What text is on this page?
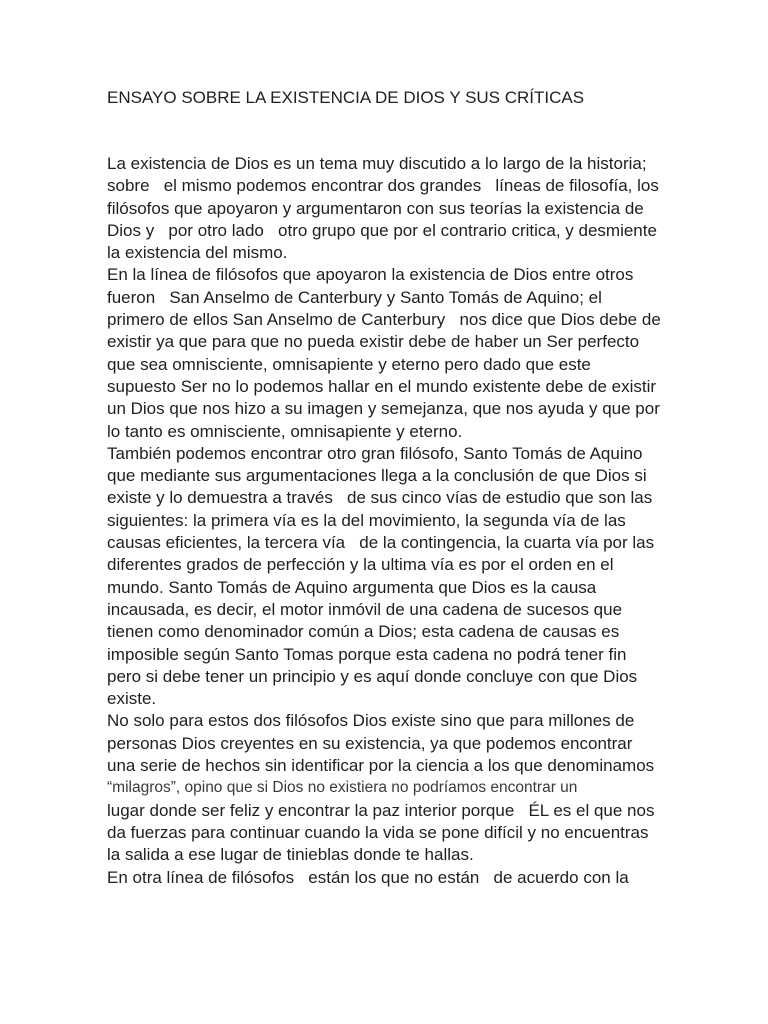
ENSAYO SOBRE LA EXISTENCIA DE DIOS Y SUS CRÍTICAS
La existencia de Dios es un tema muy discutido a lo largo de la historia;
sobre   el mismo podemos encontrar dos grandes   líneas de filosofía, los
filósofos que apoyaron y argumentaron con sus teorías la existencia de
Dios y   por otro lado   otro grupo que por el contrario critica, y desmiente
la existencia del mismo.
En la línea de filósofos que apoyaron la existencia de Dios entre otros
fueron   San Anselmo de Canterbury y Santo Tomás de Aquino; el
primero de ellos San Anselmo de Canterbury   nos dice que Dios debe de
existir ya que para que no pueda existir debe de haber un Ser perfecto
que sea omnisciente, omnisapiente y eterno pero dado que este
supuesto Ser no lo podemos hallar en el mundo existente debe de existir
un Dios que nos hizo a su imagen y semejanza, que nos ayuda y que por
lo tanto es omnisciente, omnisapiente y eterno.
También podemos encontrar otro gran filósofo, Santo Tomás de Aquino
que mediante sus argumentaciones llega a la conclusión de que Dios si
existe y lo demuestra a través   de sus cinco vías de estudio que son las
siguientes: la primera vía es la del movimiento, la segunda vía de las
causas eficientes, la tercera vía   de la contingencia, la cuarta vía por las
diferentes grados de perfección y la ultima vía es por el orden en el
mundo. Santo Tomás de Aquino argumenta que Dios es la causa
incausada, es decir, el motor inmóvil de una cadena de sucesos que
tienen como denominador común a Dios; esta cadena de causas es
imposible según Santo Tomas porque esta cadena no podrá tener fin
pero si debe tener un principio y es aquí donde concluye con que Dios
existe.
No solo para estos dos filósofos Dios existe sino que para millones de
personas Dios creyentes en su existencia, ya que podemos encontrar
una serie de hechos sin identificar por la ciencia a los que denominamos
“milagros”, opino que si Dios no existiera no podríamos encontrar un
lugar donde ser feliz y encontrar la paz interior porque   ÉL es el que nos
da fuerzas para continuar cuando la vida se pone difícil y no encuentras
la salida a ese lugar de tinieblas donde te hallas.
En otra línea de filósofos   están los que no están   de acuerdo con la
